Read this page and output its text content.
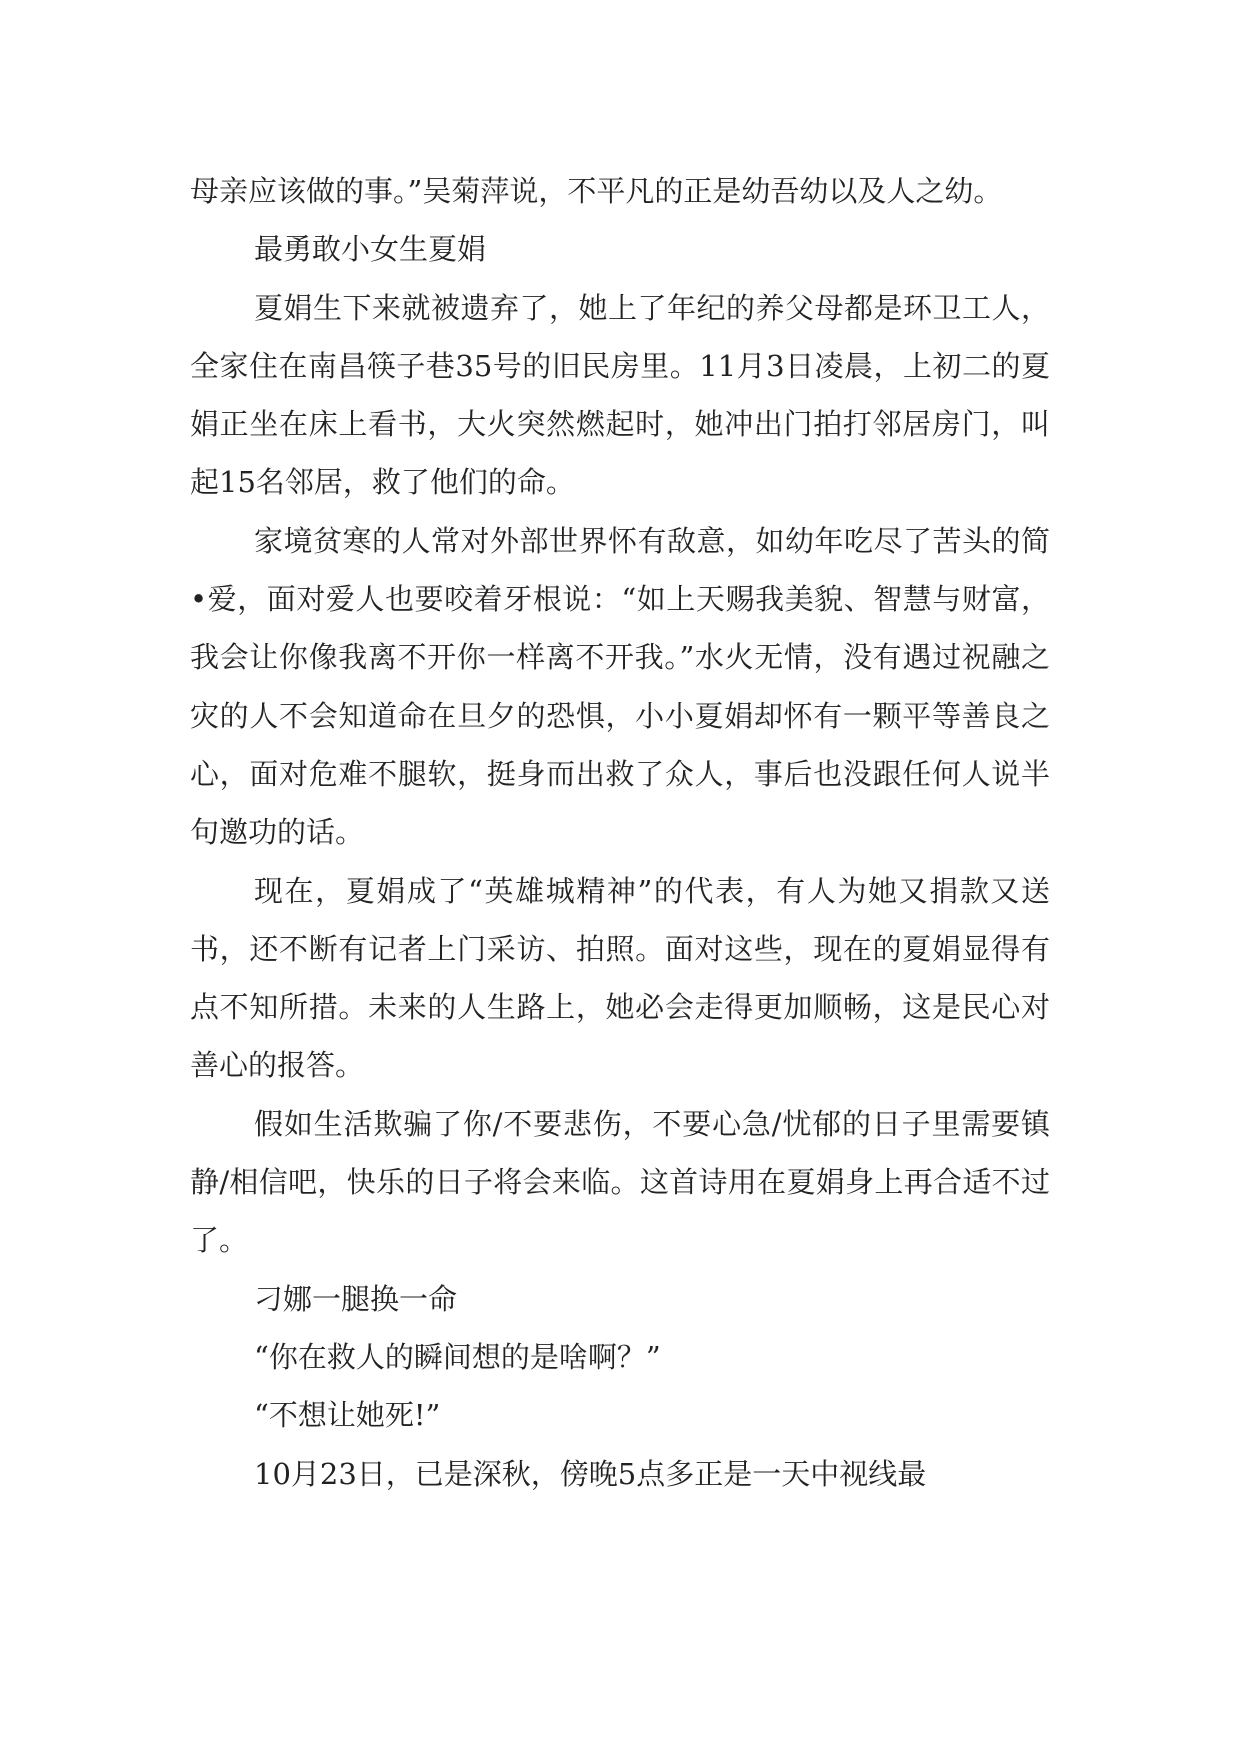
母亲应该做的事。”吴菊萍说，不平凡的正是幼吾幼以及人之幼。

最勇敢小女生夏娟

夏娟生下来就被遗弃了，她上了年纪的养父母都是环卫工人，全家住在南昌筷子巷35号的旧民房里。11月3日凌晨，上初二的夏娟正坐在床上看书，大火突然燃起时，她冲出门拍打邻居房门，叫起15名邻居，救了他们的命。

家境贫寒的人常对外部世界怀有敌意，如幼年吃尽了苦头的简•爱，面对爱人也要咬着牙根说：“如上天赐我美貌、智慧与财富，我会让你像我离不开你一样离不开我。”水火无情，没有遇过祝融之灾的人不会知道命在旦夕的恐惧，小小夏娟却怀有一颗平等善良之心，面对危难不腿软，挺身而出救了众人，事后也没跟任何人说半句邀功的话。

现在，夏娟成了“英雄城精神”的代表，有人为她又捐款又送书，还不断有记者上门采访、拍照。面对这些，现在的夏娟显得有点不知所措。未来的人生路上，她必会走得更加顺畅，这是民心对善心的报答。

假如生活欺骗了你/不要悲伤，不要心急/忧郁的日子里需要镇静/相信吧，快乐的日子将会来临。这首诗用在夏娟身上再合适不过了。

刁娜一腿换一命

“你在救人的瞬间想的是啥啊？”

“不想让她死!”

10月23日，已是深秋，傍晚5点多正是一天中视线最
